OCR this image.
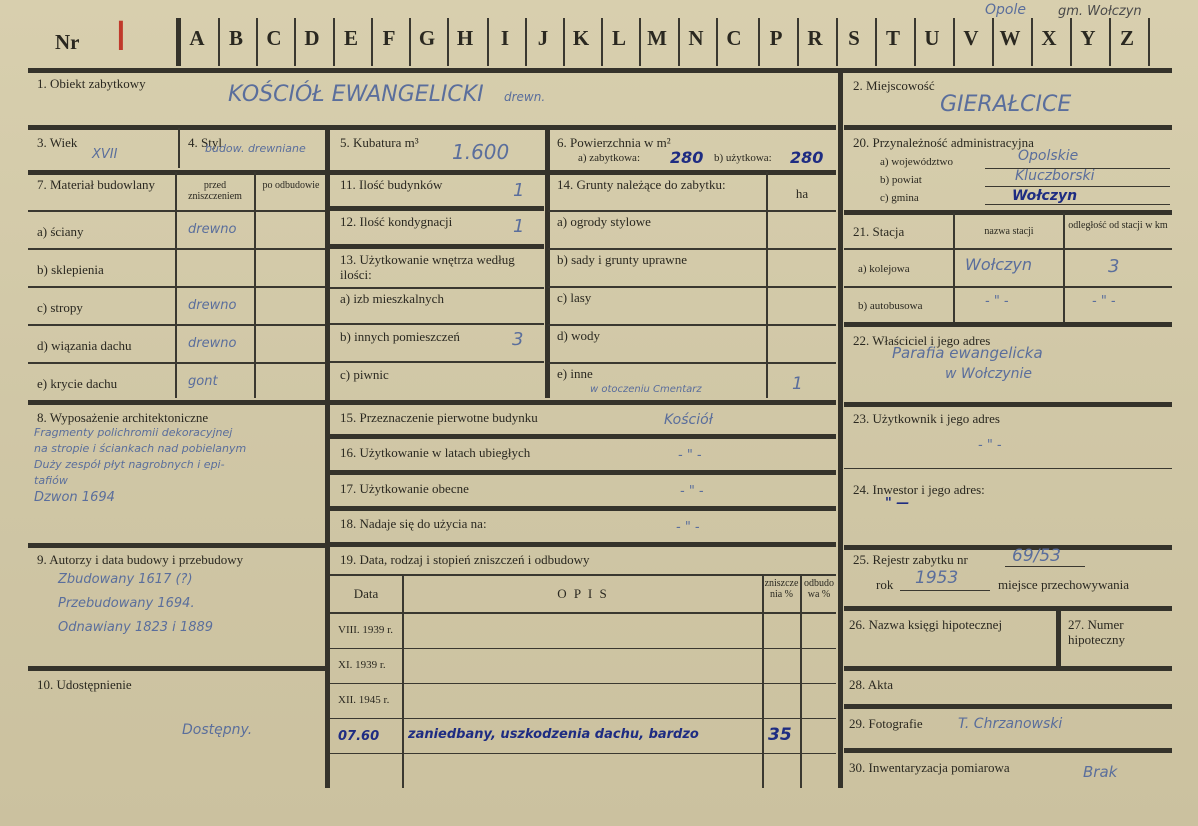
Nr I	A	B	C	D	E	F	G	H	I	J	K	L	M	N	C	P	R	S	T	U	V W X	Y	Z
Opole gm. Wołczyn
1. Obiekt zabytkowy	KOŚCIÓŁ EWANGELICKI drewn.
2. Miejscowość
GIERAŁCICE
3. Wiek
XVII
4. Styl
budow. drewniane	5. Kubatura m³ 1.600	6. Powierzchnia w m²
a) zabytkowa: 280 b) użytkowa: 280
7. Materiał budowlany	przed zniszczeniem
po odbudowie
a) ściany	drewno
b) sklepienia
c) stropy	drewno
d) wiązania dachu	drewno
e) krycie dachu	gont
11. Ilość budynków	1
12. Ilość kondygnacji	1
13. Użytkowanie wnętrza według ilości:
a) izb mieszkalnych
b) innych pomieszczeń	3
c) piwnic
14. Grunty należące do zabytku:
ha
a) ogrody stylowe
b) sady i grunty uprawne
c) lasy
d) wody
e) inne
1
w otoczeniu Cmentarz
20. Przynależność administracyjna
a) województwo	Opolskie
b) powiat	Kluczborski
c) gmina	Wołczyn
21. Stacja	nazwa stacji
odległość od stacji w km
a) kolejowa	Wołczyn	3
b) autobusowa	- " -	- " -
22. Właściciel i jego adres
Parafia ewangelicka
w Wołczynie
23. Użytkownik i jego adres
- " -
24. Inwestor i jego adres:
" —
25. Rejestr zabytku nr	69/53
rok 1953	miejsce przechowywania
26. Nazwa księgi hipotecznej	27. Numer hipoteczny
28. Akta
29. Fotografie	T. Chrzanowski
30. Inwentaryzacja pomiarowa	Brak
8. Wyposażenie architektoniczne
Fragmenty polichromii dekoracyjnej
na stropie i ściankach nad pobielanym
Duży zespół płyt nagrobnych i epi-
tafiów
Dzwon 1694
15. Przeznaczenie pierwotne budynku	Kościół
16. Użytkowanie w latach ubiegłych	- " -
17. Użytkowanie obecne	- " -
18. Nadaje się do użycia na:	- " -
9. Autorzy i data budowy i przebudowy
Zbudowany 1617 (?)
Przebudowany 1694.
Odnawiany 1823 i 1889
10. Udostępnienie
Dostępny.
19. Data, rodzaj i stopień zniszczeń i odbudowy
Data	O P I S
zniszczenia %
odbudowa %
VIII. 1939 r.
XI. 1939 r.
XII. 1945 r.
07.60 zaniedbany, uszkodzenia dachu, bardzo	35
